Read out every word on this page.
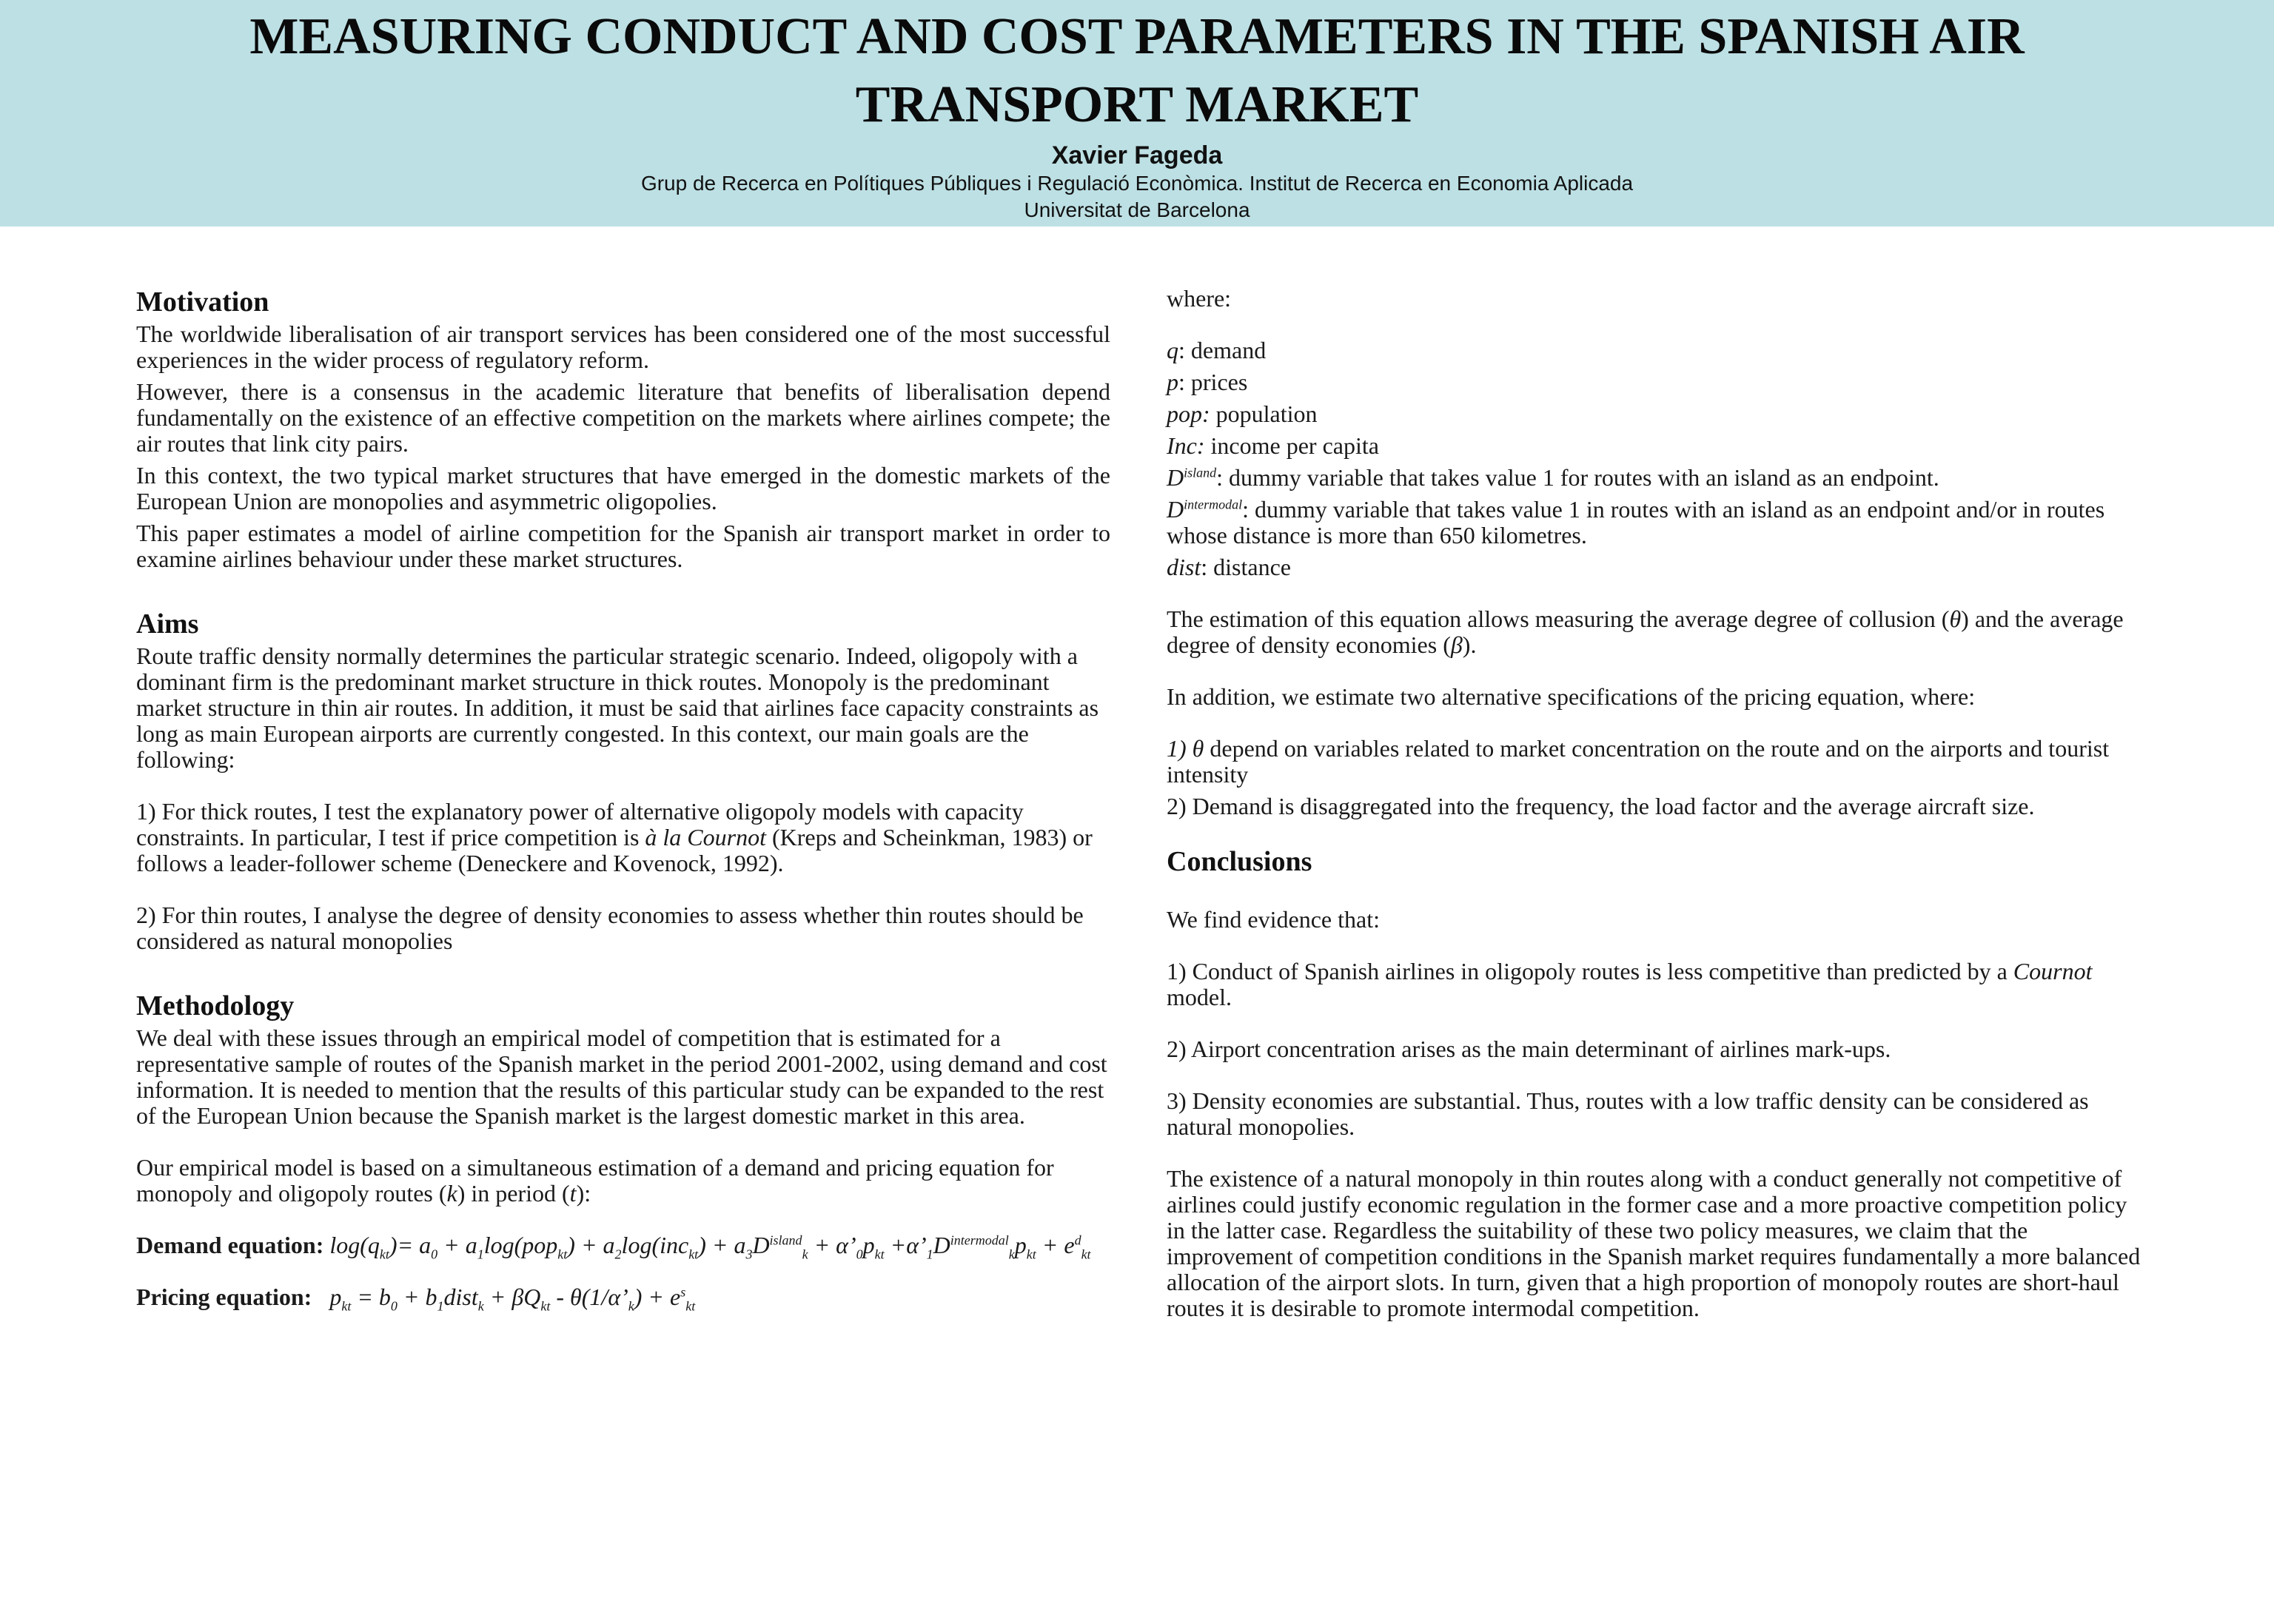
MEASURING CONDUCT AND COST PARAMETERS IN THE SPANISH AIR
TRANSPORT MARKET
Xavier Fageda
Grup de Recerca en Polítiques Públiques i Regulació Econòmica. Institut de Recerca en Economia Aplicada
Universitat de Barcelona
Motivation

The worldwide liberalisation of air transport services has been considered one of the most successful experiences in the wider process of regulatory reform.

However, there is a consensus in the academic literature that benefits of liberalisation depend fundamentally on the existence of an effective competition on the markets where airlines compete; the air routes that link city pairs.

In this context, the two typical market structures that have emerged in the domestic markets of the European Union are monopolies and asymmetric oligopolies.

This paper estimates a model of airline competition for the Spanish air transport market in order to examine airlines behaviour under these market structures.

Aims

Route traffic density normally determines the particular strategic scenario. Indeed, oligopoly with a dominant firm is the predominant market structure in thick routes. Monopoly is the predominant market structure in thin air routes. In addition, it must be said that airlines face capacity constraints as long as main European airports are currently congested. In this context, our main goals are the following:

1) For thick routes, I test the explanatory power of alternative oligopoly models with capacity constraints. In particular, I test if price competition is à la Cournot (Kreps and Scheinkman, 1983) or follows a leader-follower scheme (Deneckere and Kovenock, 1992).

2) For thin routes, I analyse the degree of density economies to assess whether thin routes should be considered as natural monopolies

Methodology

We deal with these issues through an empirical model of competition that is estimated for a representative sample of routes of the Spanish market in the period 2001-2002, using demand and cost information. It is needed to mention that the results of this particular study can be expanded to the rest of the European Union because the Spanish market is the largest domestic market in this area.

Our empirical model is based on a simultaneous estimation of a demand and pricing equation for monopoly and oligopoly routes (k) in period (t):

Demand equation: $\log(q_{kt})= a_0 + a_1\log(pop_{kt}) + a_2\log(inc_{kt}) + a_3D^{island}_k$ + $\alpha’_0p_{kt}$ $+\alpha’_1D^{intermodal}_kp_{kt} + e^d_{kt}$

Pricing equation: $p_{kt} = b_0$ + $b_1dist_k + \beta Q_{kt}$ - $\theta(1/\alpha’_k) + e^s_{kt}$

where:

q: demand

p: prices

pop: population

Inc: income per capita

$D^{island}$: dummy variable that takes value 1 for routes with an island as an endpoint.

$D^{intermodal}$: dummy variable that takes value 1 in routes with an island as an endpoint and/or in routes whose distance is more than 650 kilometres.

dist: distance

The estimation of this equation allows measuring the average degree of collusion (θ) and the average degree of density economies (β).

In addition, we estimate two alternative specifications of the pricing equation, where:

1) θ depend on variables related to market concentration on the route and on the airports and tourist intensity

2) Demand is disaggregated into the frequency, the load factor and the average aircraft size.

Conclusions

We find evidence that:

1) Conduct of Spanish airlines in oligopoly routes is less competitive than predicted by a Cournot model.

2) Airport concentration arises as the main determinant of airlines mark-ups.

3) Density economies are substantial. Thus, routes with a low traffic density can be considered as natural monopolies.

The existence of a natural monopoly in thin routes along with a conduct generally not competitive of airlines could justify economic regulation in the former case and a more proactive competition policy in the latter case. Regardless the suitability of these two policy measures, we claim that the improvement of competition conditions in the Spanish market requires fundamentally a more balanced allocation of the airport slots. In turn, given that a high proportion of monopoly routes are short-haul routes it is desirable to promote intermodal competition.
